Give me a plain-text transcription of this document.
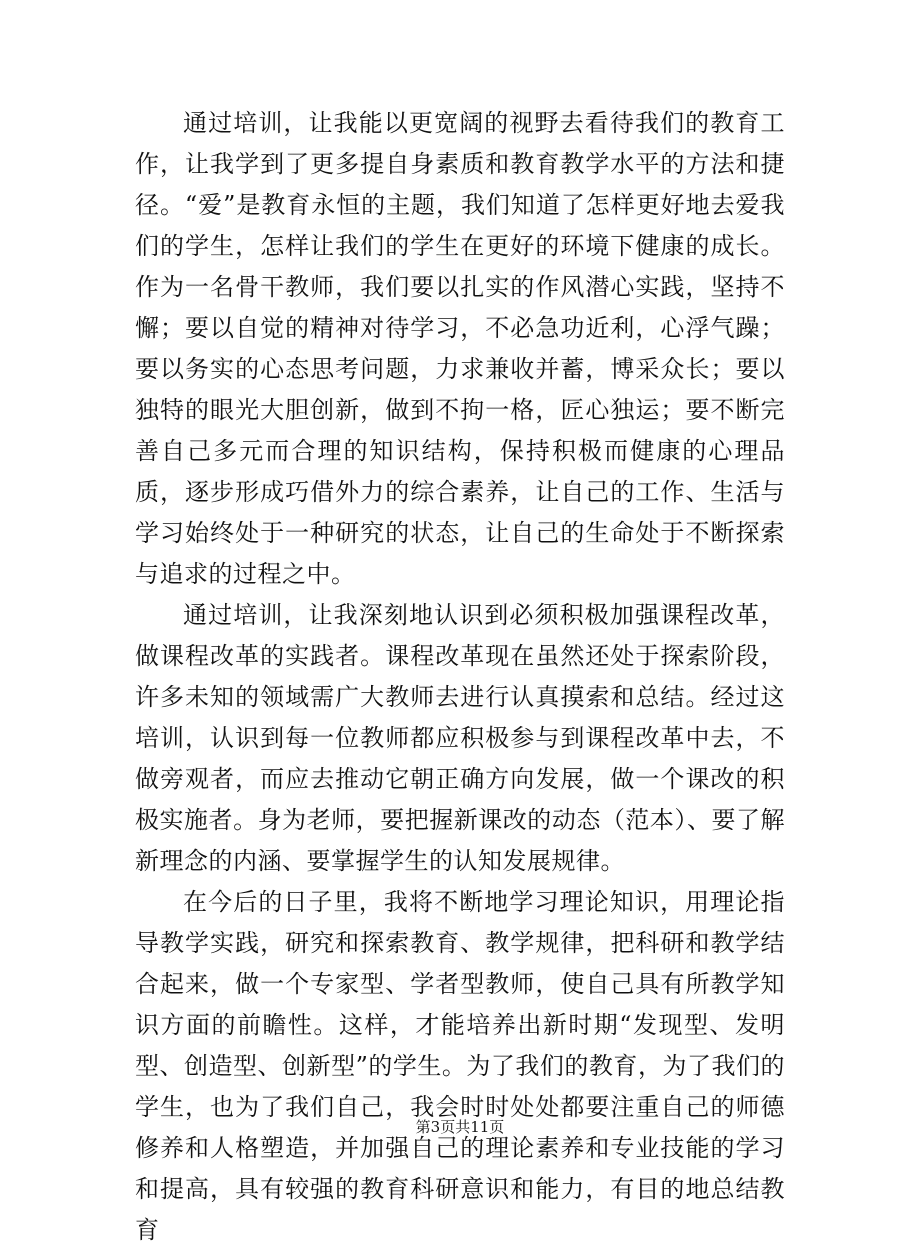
通过培训，让我能以更宽阔的视野去看待我们的教育工作，让我学到了更多提自身素质和教育教学水平的方法和捷径。“爱”是教育永恒的主题，我们知道了怎样更好地去爱我们的学生，怎样让我们的学生在更好的环境下健康的成长。作为一名骨干教师，我们要以扎实的作风潜心实践，坚持不懈；要以自觉的精神对待学习，不必急功近利，心浮气躁；要以务实的心态思考问题，力求兼收并蓄，博采众长；要以独特的眼光大胆创新，做到不拘一格，匠心独运；要不断完善自己多元而合理的知识结构，保持积极而健康的心理品质，逐步形成巧借外力的综合素养，让自己的工作、生活与学习始终处于一种研究的状态，让自己的生命处于不断探索与追求的过程之中。

通过培训，让我深刻地认识到必须积极加强课程改革，做课程改革的实践者。课程改革现在虽然还处于探索阶段，许多未知的领域需广大教师去进行认真摸索和总结。经过这培训，认识到每一位教师都应积极参与到课程改革中去，不做旁观者，而应去推动它朝正确方向发展，做一个课改的积极实施者。身为老师，要把握新课改的动态（范本）、要了解新理念的内涵、要掌握学生的认知发展规律。

在今后的日子里，我将不断地学习理论知识，用理论指导教学实践，研究和探索教育、教学规律，把科研和教学结合起来，做一个专家型、学者型教师，使自己具有所教学知识方面的前瞻性。这样，才能培养出新时期“发现型、发明型、创造型、创新型”的学生。为了我们的教育，为了我们的学生，也为了我们自己，我会时时处处都要注重自己的师德修养和人格塑造，并加强自己的理论素养和专业技能的学习和提高，具有较强的教育科研意识和能力，有目的地总结教育

第3页共11页
